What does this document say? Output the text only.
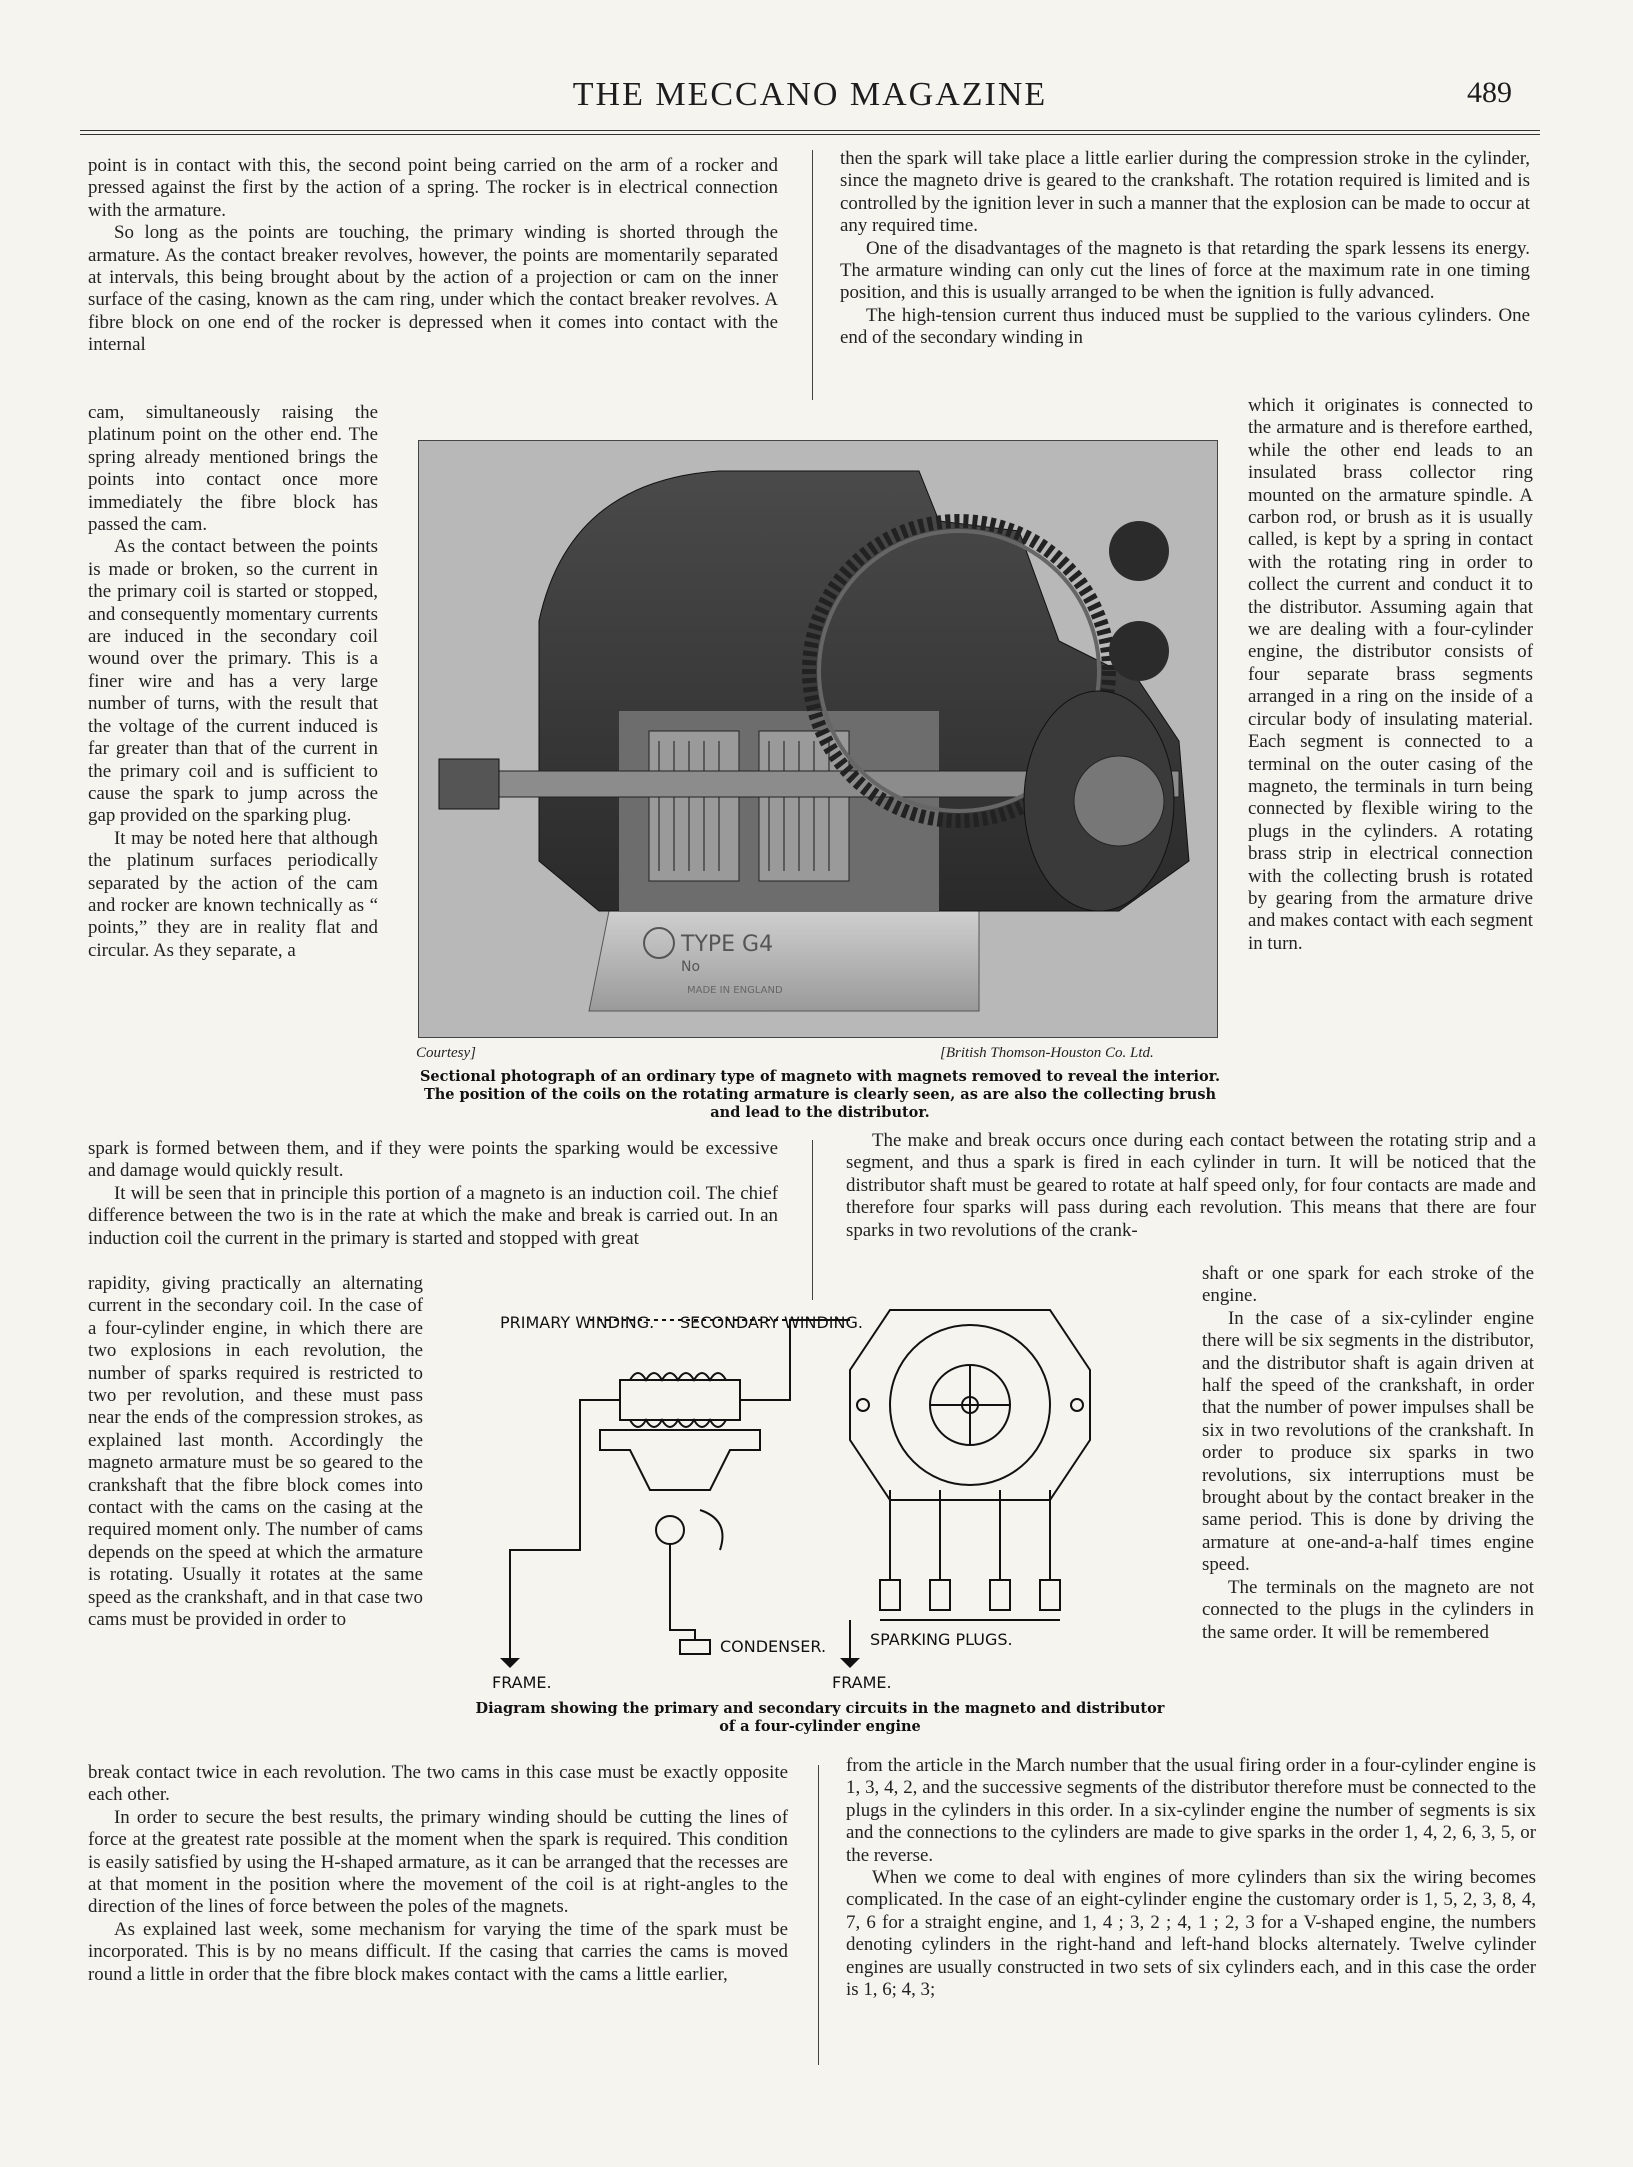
THE MECCANO MAGAZINE	489

point is in contact with this, the second point being carried on the arm of a rocker and pressed against the first by the action of a spring. The rocker is in electrical connection with the armature.

So long as the points are touching, the primary winding is shorted through the armature. As the contact breaker revolves, however, the points are momentarily separated at intervals, this being brought about by the action of a projection or cam on the inner surface of the casing, known as the cam ring, under which the contact breaker revolves. A fibre block on one end of the rocker is depressed when it comes into contact with the internal

cam, simultaneously raising the platinum point on the other end. The spring already mentioned brings the points into contact once more immediately the fibre block has passed the cam.

As the contact between the points is made or broken, so the current in the primary coil is started or stopped, and consequently momentary currents are induced in the secondary coil wound over the primary. This is a finer wire and has a very large number of turns, with the result that the voltage of the current induced is far greater than that of the current in the primary coil and is sufficient to cause the spark to jump across the gap provided on the sparking plug.

It may be noted here that although the platinum surfaces periodically separated by the action of the cam and rocker are known technically as “ points,” they are in reality flat and circular. As they separate, a

spark is formed between them, and if they were points the sparking would be excessive and damage would quickly result.

It will be seen that in principle this portion of a magneto is an induction coil. The chief difference between the two is in the rate at which the make and break is carried out. In an induction coil the current in the primary is started and stopped with great

rapidity, giving practically an alternating current in the secondary coil. In the case of a four-cylinder engine, in which there are two explosions in each revolution, the number of sparks required is restricted to two per revolution, and these must pass near the ends of the compression strokes, as explained last month. Accordingly the magneto armature must be so geared to the crankshaft that the fibre block comes into contact with the cams on the casing at the required moment only. The number of cams depends on the speed at which the armature is rotating. Usually it rotates at the same speed as the crankshaft, and in that case two cams must be provided in order to

break contact twice in each revolution. The two cams in this case must be exactly opposite each other.

In order to secure the best results, the primary winding should be cutting the lines of force at the greatest rate possible at the moment when the spark is required. This condition is easily satisfied by using the H-shaped armature, as it can be arranged that the recesses are at that moment in the position where the movement of the coil is at right-angles to the direction of the lines of force between the poles of the magnets.

As explained last week, some mechanism for varying the time of the spark must be incorporated. This is by no means difficult. If the casing that carries the cams is moved round a little in order that the fibre block makes contact with the cams a little earlier,

then the spark will take place a little earlier during the compression stroke in the cylinder, since the magneto drive is geared to the crankshaft. The rotation required is limited and is controlled by the ignition lever in such a manner that the explosion can be made to occur at any required time.

One of the disadvantages of the magneto is that retarding the spark lessens its energy. The armature winding can only cut the lines of force at the maximum rate in one timing position, and this is usually arranged to be when the ignition is fully advanced.

The high-tension current thus induced must be supplied to the various cylinders. One end of the secondary winding in

which it originates is connected to the armature and is therefore earthed, while the other end leads to an insulated brass collector ring mounted on the armature spindle. A carbon rod, or brush as it is usually called, is kept by a spring in contact with the rotating ring in order to collect the current and conduct it to the distributor. Assuming again that we are dealing with a four-cylinder engine, the distributor consists of four separate brass segments arranged in a ring on the inside of a circular body of insulating material. Each segment is connected to a terminal on the outer casing of the magneto, the terminals in turn being connected by flexible wiring to the plugs in the cylinders. A rotating brass strip in electrical connection with the collecting brush is rotated by gearing from the armature drive and makes contact with each segment in turn.

The make and break occurs once during each contact between the rotating strip and a segment, and thus a spark is fired in each cylinder in turn. It will be noticed that the distributor shaft must be geared to rotate at half speed only, for four contacts are made and therefore four sparks will pass during each revolution. This means that there are four sparks in two revolutions of the crank-

shaft or one spark for each stroke of the engine.

In the case of a six-cylinder engine there will be six segments in the distributor, and the distributor shaft is again driven at half the speed of the crankshaft, in order that the number of power impulses shall be six in two revolutions of the crankshaft. In order to produce six sparks in two revolutions, six interruptions must be brought about by the contact breaker in the same period. This is done by driving the armature at one-and-a-half times engine speed.

The terminals on the magneto are not connected to the plugs in the cylinders in the same order. It will be remembered

from the article in the March number that the usual firing order in a four-cylinder engine is 1, 3, 4, 2, and the successive segments of the distributor therefore must be connected to the plugs in the cylinders in this order. In a six-cylinder engine the number of segments is six and the connections to the cylinders are made to give sparks in the order 1, 4, 2, 6, 3, 5, or the reverse.

When we come to deal with engines of more cylinders than six the wiring becomes complicated. In the case of an eight-cylinder engine the customary order is 1, 5, 2, 3, 8, 4, 7, 6 for a straight engine, and 1, 4 ; 3, 2 ; 4, 1 ; 2, 3 for a V-shaped engine, the numbers denoting cylinders in the right-hand and left-hand blocks alternately. Twelve cylinder engines are usually constructed in two sets of six cylinders each, and in this case the order is 1, 6; 4, 3;

TYPE G4
No
MADE IN ENGLAND
Courtesy]	[British Thomson-Houston Co. Ltd.
Sectional photograph of an ordinary type of magneto with magnets removed to reveal the interior.
The position of the coils on the rotating armature is clearly seen, as are also the collecting brush
and lead to the distributor.
PRIMARY WINDING. SECONDARY WINDING.
CONDENSER.	SPARKING PLUGS.
FRAME.	FRAME.
Diagram showing the primary and secondary circuits in the magneto and distributor
of a four-cylinder engine
